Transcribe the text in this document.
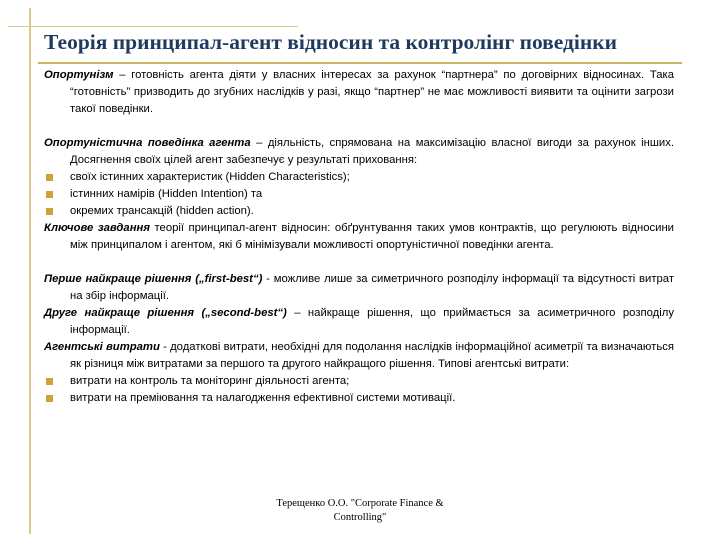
Теорія принципал-агент відносин та контролінг поведінки

Опортунізм – готовність агента діяти у власних інтересах за рахунок “партнера” по договірних відносинах. Така “готовність” призводить до згубних наслідків у разі, якщо “партнер” не має можливості виявити та оцінити загрози такої поведінки.

Опортуністична поведінка агента – діяльність, спрямована на максимізацію власної вигоди за рахунок інших. Досягнення своїх цілей агент забезпечує у результаті приховання:

своїх істинних характеристик (Hidden Characteristics);
істинних намірів (Hidden Intention) та
окремих трансакцій (hidden action).

Ключове завдання теорії принципал-агент відносин: обґрунтування таких умов контрактів, що регулюють відносини між принципалом і агентом, які б мінімізували можливості опортуністичної поведінки агента.

Перше найкраще рішення („first-best“) - можливе лише за симетричного розподілу інформації та відсутності витрат на збір інформації.

Друге найкраще рішення („second-best“) – найкраще рішення, що приймається за асиметричного розподілу інформації.

Агентські витрати - додаткові витрати, необхідні для подолання наслідків інформаційної асиметрії та визначаються як різниця між витратами за першого та другого найкращого рішення. Типові агентські витрати:

витрати на контроль та моніторинг діяльності агента;
витрати на преміювання та налагодження ефективної системи мотивації.
Терещенко О.О. "Corporate Finance &
Controlling"
